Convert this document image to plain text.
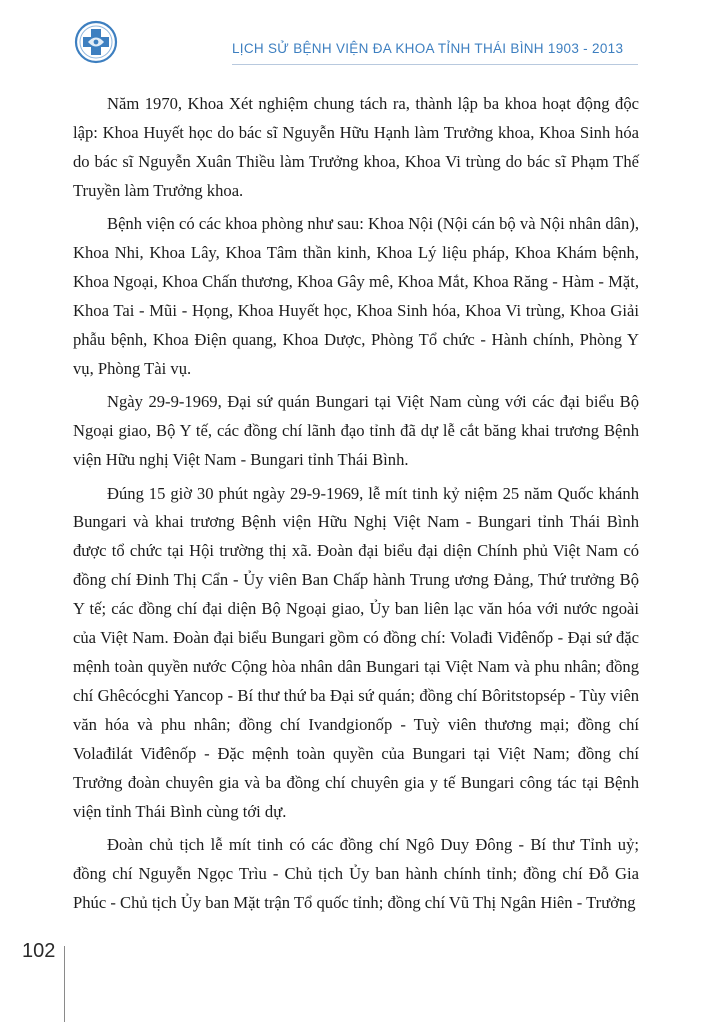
LỊCH SỬ BỆNH VIỆN ĐA KHOA TỈNH THÁI BÌNH 1903 - 2013

Năm 1970, Khoa Xét nghiệm chung tách ra, thành lập ba khoa hoạt động độc lập: Khoa Huyết học do bác sĩ Nguyễn Hữu Hạnh làm Trưởng khoa, Khoa Sinh hóa do bác sĩ Nguyễn Xuân Thiều làm Trưởng khoa, Khoa Vi trùng do bác sĩ Phạm Thế Truyền làm Trưởng khoa.

Bệnh viện có các khoa phòng như sau: Khoa Nội (Nội cán bộ và Nội nhân dân), Khoa Nhi, Khoa Lây, Khoa Tâm thần kinh, Khoa Lý liệu pháp, Khoa Khám bệnh, Khoa Ngoại, Khoa Chấn thương, Khoa Gây mê, Khoa Mắt, Khoa Răng - Hàm - Mặt, Khoa Tai - Mũi - Họng, Khoa Huyết học, Khoa Sinh hóa, Khoa Vi trùng, Khoa Giải phẫu bệnh, Khoa Điện quang, Khoa Dược, Phòng Tổ chức - Hành chính, Phòng Y vụ, Phòng Tài vụ.

Ngày 29-9-1969, Đại sứ quán Bungari tại Việt Nam cùng với các đại biểu Bộ Ngoại giao, Bộ Y tế, các đồng chí lãnh đạo tỉnh đã dự lễ cắt băng khai trương Bệnh viện Hữu nghị Việt Nam - Bungari tỉnh Thái Bình.

Đúng 15 giờ 30 phút ngày 29-9-1969, lễ mít tinh kỷ niệm 25 năm Quốc khánh Bungari và khai trương Bệnh viện Hữu Nghị Việt Nam - Bungari tỉnh Thái Bình được tổ chức tại Hội trường thị xã. Đoàn đại biểu đại diện Chính phủ Việt Nam có đồng chí Đinh Thị Cẩn - Ủy viên Ban Chấp hành Trung ương Đảng, Thứ trưởng Bộ Y tế; các đồng chí đại diện Bộ Ngoại giao, Ủy ban liên lạc văn hóa với nước ngoài của Việt Nam. Đoàn đại biểu Bungari gồm có đồng chí: Volađi Viđênốp - Đại sứ đặc mệnh toàn quyền nước Cộng hòa nhân dân Bungari tại Việt Nam và phu nhân; đồng chí Ghêcócghi Yancop - Bí thư thứ ba Đại sứ quán; đồng chí Bôritstopsép - Tùy viên văn hóa và phu nhân; đồng chí Ivandgionốp - Tuỳ viên thương mại; đồng chí Volađilát Viđênốp - Đặc mệnh toàn quyền của Bungari tại Việt Nam; đồng chí Trưởng đoàn chuyên gia và ba đồng chí chuyên gia y tế Bungari công tác tại Bệnh viện tỉnh Thái Bình cùng tới dự.

Đoàn chủ tịch lễ mít tinh có các đồng chí Ngô Duy Đông - Bí thư Tỉnh uỷ; đồng chí Nguyễn Ngọc Trìu - Chủ tịch Ủy ban hành chính tỉnh; đồng chí Đỗ Gia Phúc - Chủ tịch Ủy ban Mặt trận Tổ quốc tỉnh; đồng chí Vũ Thị Ngân Hiên - Trưởng

102
